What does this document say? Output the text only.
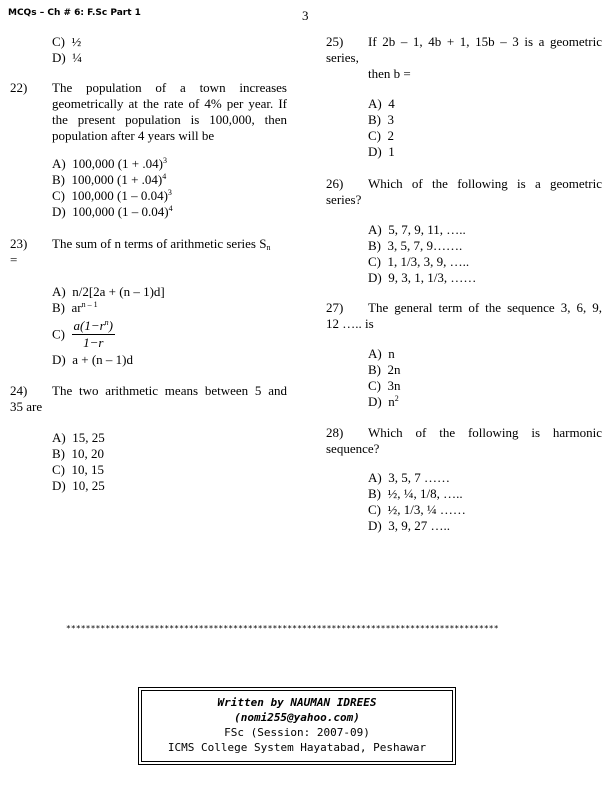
MCQs – Ch # 6: F.Sc Part 1	3
C) ½
D) ¼
22) The population of a town increases geometrically at the rate of 4% per year. If the present population is 100,000, then population after 4 years will be
A) 100,000 $(1 + .04)^3$
B) 100,000 $(1 + .04)^4$
C) 100,000 (1 – 0.04)$^3$
D) 100,000 (1 – 0.04)$^4$
23) The sum of n terms of arithmetic series $S_n$
=
A) n/2[2a + (n – 1)d]
B) $ar^{n - 1}$
$C) \frac{a(1-r^n)}{1-r}$
D) a + (n – 1)d
24) The two arithmetic means between 5 and
35 are
A) 15, 25
B) 10, 20
C) 10, 15
D) 10, 25
25) If 2b – 1, 4b + 1, 15b – 3 is a geometric
series,
then b =
A) 4
B) 3
C) 2
D) 1
26) Which of the following is a geometric
series?
A) 5, 7, 9, 11, …..
B) 3, 5, 7, 9…….
C) 1, 1/3, 3, 9, …..
D) 9, 3, 1, 1/3, ……
27) The general term of the sequence 3, 6, 9,
12 ….. is
A) n
B) 2n
C) 3n
D) $n^2$
28) Which of the following is harmonic
sequence?
A) 3, 5, 7 ……
B) ½, ¼, 1/8, …..
C) ½, 1/3, ¼ ……
D) 3, 9, 27 …..
****************************************************************************************
Written by NAUMAN IDREES
(nomi255@yahoo.com)
FSc (Session: 2007-09)
ICMS College System Hayatabad, Peshawar
